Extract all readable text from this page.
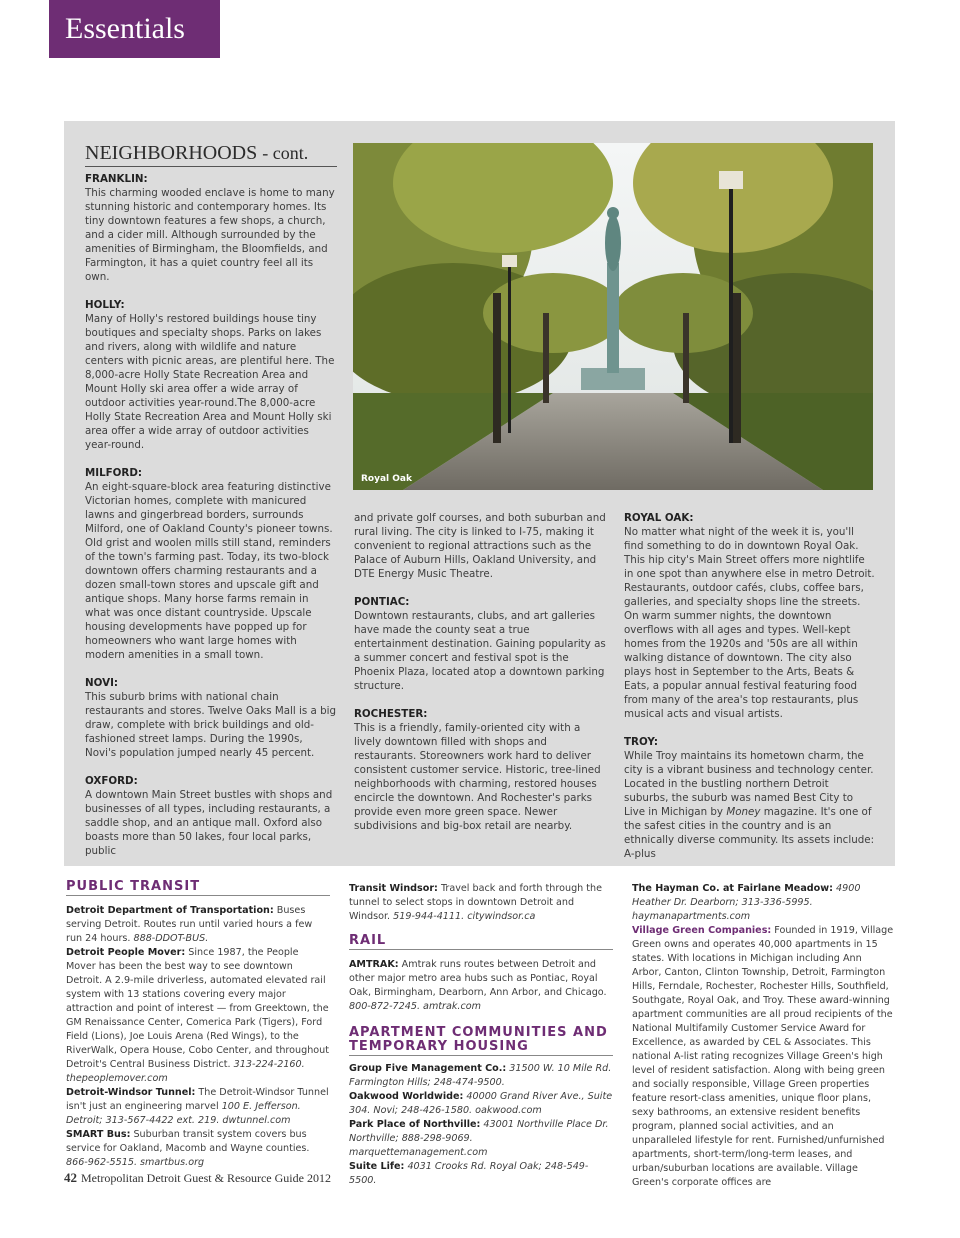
Essentials
NEIGHBORHOODS - cont.
FRANKLIN:

This charming wooded enclave is home to many stunning historic and contemporary homes. Its tiny downtown features a few shops, a church, and a cider mill. Although surrounded by the amenities of Birmingham, the Bloomfields, and Farmington, it has a quiet country feel all its own.

HOLLY:

Many of Holly's restored buildings house tiny boutiques and specialty shops. Parks on lakes and rivers, along with wildlife and nature centers with picnic areas, are plentiful here. The 8,000-acre Holly State Recreation Area and Mount Holly ski area offer a wide array of outdoor activities year-round.The 8,000-acre Holly State Recreation Area and Mount Holly ski area offer a wide array of outdoor activities year-round.

MILFORD:

An eight-square-block area featuring distinctive Victorian homes, complete with manicured lawns and gingerbread borders, surrounds Milford, one of Oakland County's pioneer towns. Old grist and woolen mills still stand, reminders of the town's farming past. Today, its two-block downtown offers charming restaurants and a dozen small-town stores and upscale gift and antique shops. Many horse farms remain in what was once distant countryside. Upscale housing developments have popped up for homeowners who want large homes with modern amenities in a small town.

NOVI:

This suburb brims with national chain restaurants and stores. Twelve Oaks Mall is a big draw, complete with brick buildings and old-fashioned street lamps. During the 1990s, Novi's population jumped nearly 45 percent.

OXFORD:

A downtown Main Street bustles with shops and businesses of all types, including restaurants, a saddle shop, and an antique mall. Oxford also boasts more than 50 lakes, four local parks, public

Royal Oak

and private golf courses, and both suburban and rural living. The city is linked to I-75, making it convenient to regional attractions such as the Palace of Auburn Hills, Oakland University, and DTE Energy Music Theatre.

PONTIAC:

Downtown restaurants, clubs, and art galleries have made the county seat a true entertainment destination. Gaining popularity as a summer concert and festival spot is the Phoenix Plaza, located atop a downtown parking structure.

ROCHESTER:

This is a friendly, family-oriented city with a lively downtown filled with shops and restaurants. Storeowners work hard to deliver consistent customer service. Historic, tree-lined neighborhoods with charming, restored houses encircle the downtown. And Rochester's parks provide even more green space. Newer subdivisions and big-box retail are nearby.

ROYAL OAK:

No matter what night of the week it is, you'll find something to do in downtown Royal Oak. This hip city's Main Street offers more nightlife in one spot than anywhere else in metro Detroit. Restaurants, outdoor cafés, clubs, coffee bars, galleries, and specialty shops line the streets. On warm summer nights, the downtown overflows with all ages and types. Well-kept homes from the 1920s and '50s are all within walking distance of downtown. The city also plays host in September to the Arts, Beats & Eats, a popular annual festival featuring food from many of the area's top restaurants, plus musical acts and visual artists.

TROY:

While Troy maintains its hometown charm, the city is a vibrant business and technology center. Located in the bustling northern Detroit suburbs, the suburb was named Best City to Live in Michigan by Money magazine. It's one of the safest cities in the country and is an ethnically diverse community. Its assets include: A-plus

PUBLIC TRANSIT

Detroit Department of Transportation: Buses serving Detroit. Routes run until varied hours a few run 24 hours. 888-DDOT-BUS.

Detroit People Mover: Since 1987, the People Mover has been the best way to see downtown Detroit. A 2.9-mile driverless, automated elevated rail system with 13 stations covering every major attraction and point of interest — from Greektown, the GM Renaissance Center, Comerica Park (Tigers), Ford Field (Lions), Joe Louis Arena (Red Wings), to the RiverWalk, Opera House, Cobo Center, and throughout Detroit's Central Business District. 313-224-2160. thepeoplemover.com

Detroit-Windsor Tunnel: The Detroit-Windsor Tunnel isn't just an engineering marvel 100 E. Jefferson. Detroit; 313-567-4422 ext. 219. dwtunnel.com

SMART Bus: Suburban transit system covers bus service for Oakland, Macomb and Wayne counties. 866-962-5515. smartbus.org

Transit Windsor: Travel back and forth through the tunnel to select stops in downtown Detroit and Windsor. 519-944-4111. citywindsor.ca

RAIL

AMTRAK: Amtrak runs routes between Detroit and other major metro area hubs such as Pontiac, Royal Oak, Birmingham, Dearborn, Ann Arbor, and Chicago. 800-872-7245. amtrak.com

APARTMENT COMMUNITIES AND
TEMPORARY HOUSING

Group Five Management Co.: 31500 W. 10 Mile Rd. Farmington Hills; 248-474-9500.

Oakwood Worldwide: 40000 Grand River Ave., Suite 304. Novi; 248-426-1580. oakwood.com

Park Place of Northville: 43001 Northville Place Dr. Northville; 888-298-9069. marquettemanagement.com

Suite Life: 4031 Crooks Rd. Royal Oak; 248-549-5500.

The Hayman Co. at Fairlane Meadow: 4900 Heather Dr. Dearborn; 313-336-5995. haymanapartments.com

Village Green Companies: Founded in 1919, Village Green owns and operates 40,000 apartments in 15 states. With locations in Michigan including Ann Arbor, Canton, Clinton Township, Detroit, Farmington Hills, Ferndale, Rochester, Rochester Hills, Southfield, Southgate, Royal Oak, and Troy. These award-winning apartment communities are all proud recipients of the National Multifamily Customer Service Award for Excellence, as awarded by CEL & Associates. This national A-list rating recognizes Village Green's high level of resident satisfaction. Along with being green and socially responsible, Village Green properties feature resort-class amenities, unique floor plans, sexy bathrooms, an extensive resident benefits program, planned social activities, and an unparalleled lifestyle for rent. Furnished/unfurnished apartments, short-term/long-term leases, and urban/suburban locations are available. Village Green's corporate offices are

42 Metropolitan Detroit Guest & Resource Guide 2012
